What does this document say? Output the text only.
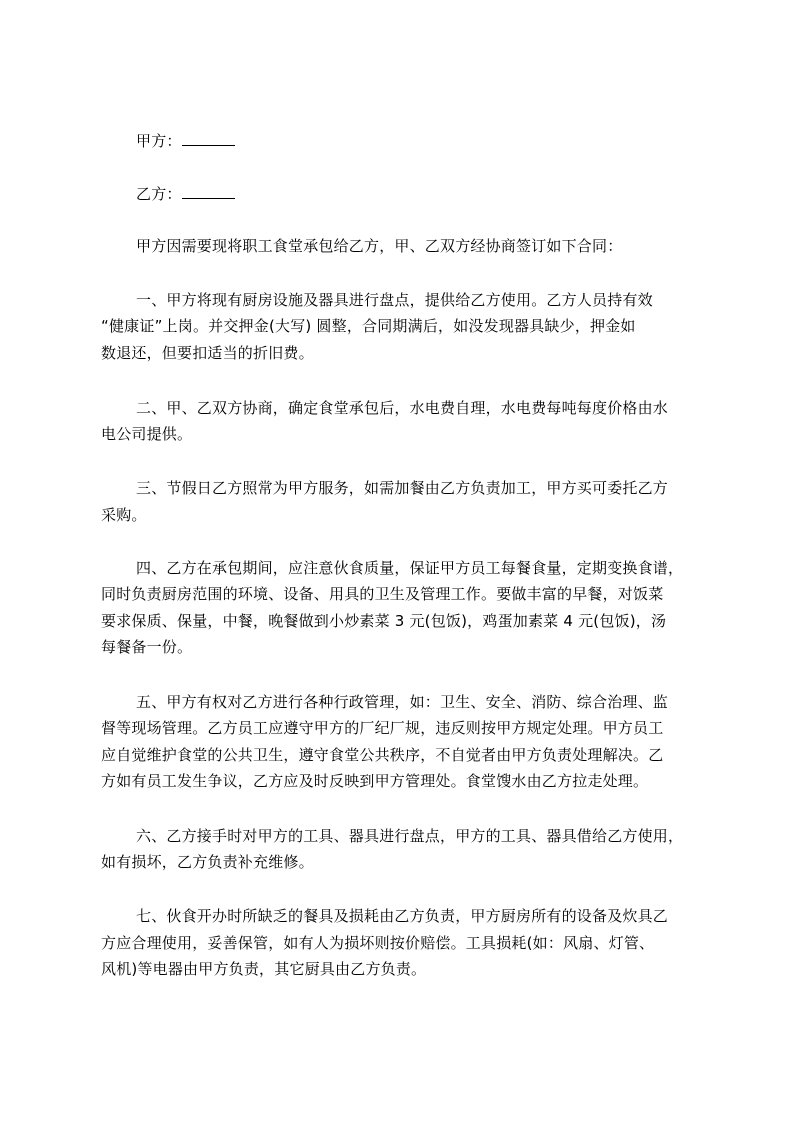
甲方：
乙方：
甲方因需要现将职工食堂承包给乙方，甲、乙双方经协商签订如下合同：
一、甲方将现有厨房设施及器具进行盘点，提供给乙方使用。乙方人员持有效
“健康证”上岗。并交押金(大写) 圆整，合同期满后，如没发现器具缺少，押金如
数退还，但要扣适当的折旧费。
二、甲、乙双方协商，确定食堂承包后，水电费自理，水电费每吨每度价格由水
电公司提供。
三、节假日乙方照常为甲方服务，如需加餐由乙方负责加工，甲方买可委托乙方
采购。
四、乙方在承包期间，应注意伙食质量，保证甲方员工每餐食量，定期变换食谱，
同时负责厨房范围的环境、设备、用具的卫生及管理工作。要做丰富的早餐，对饭菜
要求保质、保量，中餐，晚餐做到小炒素菜 3 元(包饭)，鸡蛋加素菜 4 元(包饭)，汤
每餐备一份。
五、甲方有权对乙方进行各种行政管理，如：卫生、安全、消防、综合治理、监
督等现场管理。乙方员工应遵守甲方的厂纪厂规，违反则按甲方规定处理。甲方员工
应自觉维护食堂的公共卫生，遵守食堂公共秩序，不自觉者由甲方负责处理解决。乙
方如有员工发生争议，乙方应及时反映到甲方管理处。食堂馊水由乙方拉走处理。
六、乙方接手时对甲方的工具、器具进行盘点，甲方的工具、器具借给乙方使用，
如有损坏，乙方负责补充维修。
七、伙食开办时所缺乏的餐具及损耗由乙方负责，甲方厨房所有的设备及炊具乙
方应合理使用，妥善保管，如有人为损坏则按价赔偿。工具损耗(如：风扇、灯管、
风机)等电器由甲方负责，其它厨具由乙方负责。
